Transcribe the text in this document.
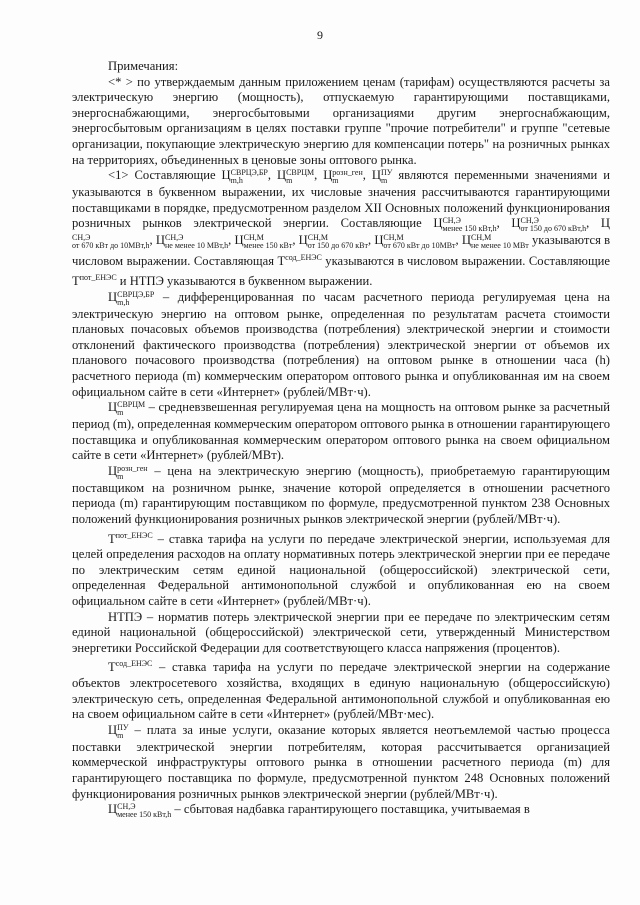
9

Примечания:

<* > по утверждаемым данным приложением ценам (тарифам) осуществляются расчеты за электрическую энергию (мощность), отпускаемую гарантирующими поставщиками, энергоснабжающими, энергосбытовыми организациями другим энергоснабжающим, энергосбытовым организациям в целях поставки группе "прочие потребители" и группе "сетевые организации, покупающие электрическую энергию для компенсации потерь" на розничных рынках на территориях, объединенных в ценовые зоны оптового рынка.

<1> Составляющие Ц СВРЦЭ,БР
m,h	, Ц СВРЦМ
m	, Ц розн_ген
m	, Ц ПУ
m являются переменными значениями и указываются в буквенном выражении, их числовые значения рассчитываются гарантирующими поставщиками в порядке, предусмотренном разделом XII Основных положений функционирования розничных рынков электрической энергии. Составляющие Ц СН,Э
менее 150 кВт,h , Ц СН,Э
от 150 до 670 кВт,h , Ц
СН,Э
от 670 кВт до 10МВт,h , Ц СН,Э
не менее 10 МВт,h , Ц СН,М
менее 150 кВт , Ц СН,М
от 150 до 670 кВт , Ц СН,М
от 670 кВт до 10МВт , Ц СН,М
не менее 10 МВт указываются в числовом выражении. Составляющая $Т^{сод\_ЕНЭС}$ указываются в числовом выражении. Составляющие $Т^{пот\_ЕНЭС}$ и НТПЭ указываются в буквенном выражении.

Ц СВРЦЭ,БР
m,h	– дифференцированная по часам расчетного периода регулируемая цена на электрическую энергию на оптовом рынке, определенная по результатам расчета стоимости плановых почасовых объемов производства (потребления) электрической энергии и стоимости отклонений фактического производства (потребления) электрической энергии от объемов их планового почасового производства (потребления) на оптовом рынке в отношении часа (h) расчетного периода (m) коммерческим оператором оптового рынка и опубликованная им на своем официальном сайте в сети «Интернет» (рублей/МВт·ч).

Ц СВРЦМ
m	– средневзвешенная регулируемая цена на мощность на оптовом рынке за расчетный период (m), определенная коммерческим оператором оптового рынка в отношении гарантирующего поставщика и опубликованная коммерческим оператором оптового рынка на своем официальном сайте в сети «Интернет» (рублей/МВт).

Ц розн_ген
m	– цена на электрическую энергию (мощность), приобретаемую гарантирующим поставщиком на розничном рынке, значение которой определяется в отношении расчетного периода (m) гарантирующим поставщиком по формуле, предусмотренной пунктом 238 Основных положений функционирования розничных рынков электрической энергии (рублей/МВт·ч).

$Т^{пот\_ЕНЭС}$ – ставка тарифа на услуги по передаче электрической энергии, используемая для целей определения расходов на оплату нормативных потерь электрической энергии при ее передаче по электрическим сетям единой национальной (общероссийской) электрической сети, определенная Федеральной антимонопольной службой и опубликованная ею на своем официальном сайте в сети «Интернет» (рублей/МВт·ч).

НТПЭ – норматив потерь электрической энергии при ее передаче по электрическим сетям единой национальной (общероссийской) электрической сети, утвержденный Министерством энергетики Российской Федерации для соответствующего класса напряжения (процентов).

$Т^{сод\_ЕНЭС}$ – ставка тарифа на услуги по передаче электрической энергии на содержание объектов электросетевого хозяйства, входящих в единую национальную (общероссийскую) электрическую сеть, определенная Федеральной антимонопольной службой и опубликованная ею на своем официальном сайте в сети «Интернет» (рублей/МВт·мес).

Ц ПУ
m – плата за иные услуги, оказание которых является неотъемлемой частью процесса поставки электрической энергии потребителям, которая рассчитывается организацией коммерческой инфраструктуры оптового рынка в отношении расчетного периода (m) для гарантирующего поставщика по формуле, предусмотренной пунктом 248 Основных положений функционирования розничных рынков электрической энергии (рублей/МВт·ч).

Ц СН,Э
менее 150 кВт,h – сбытовая надбавка гарантирующего поставщика, учитываемая в
